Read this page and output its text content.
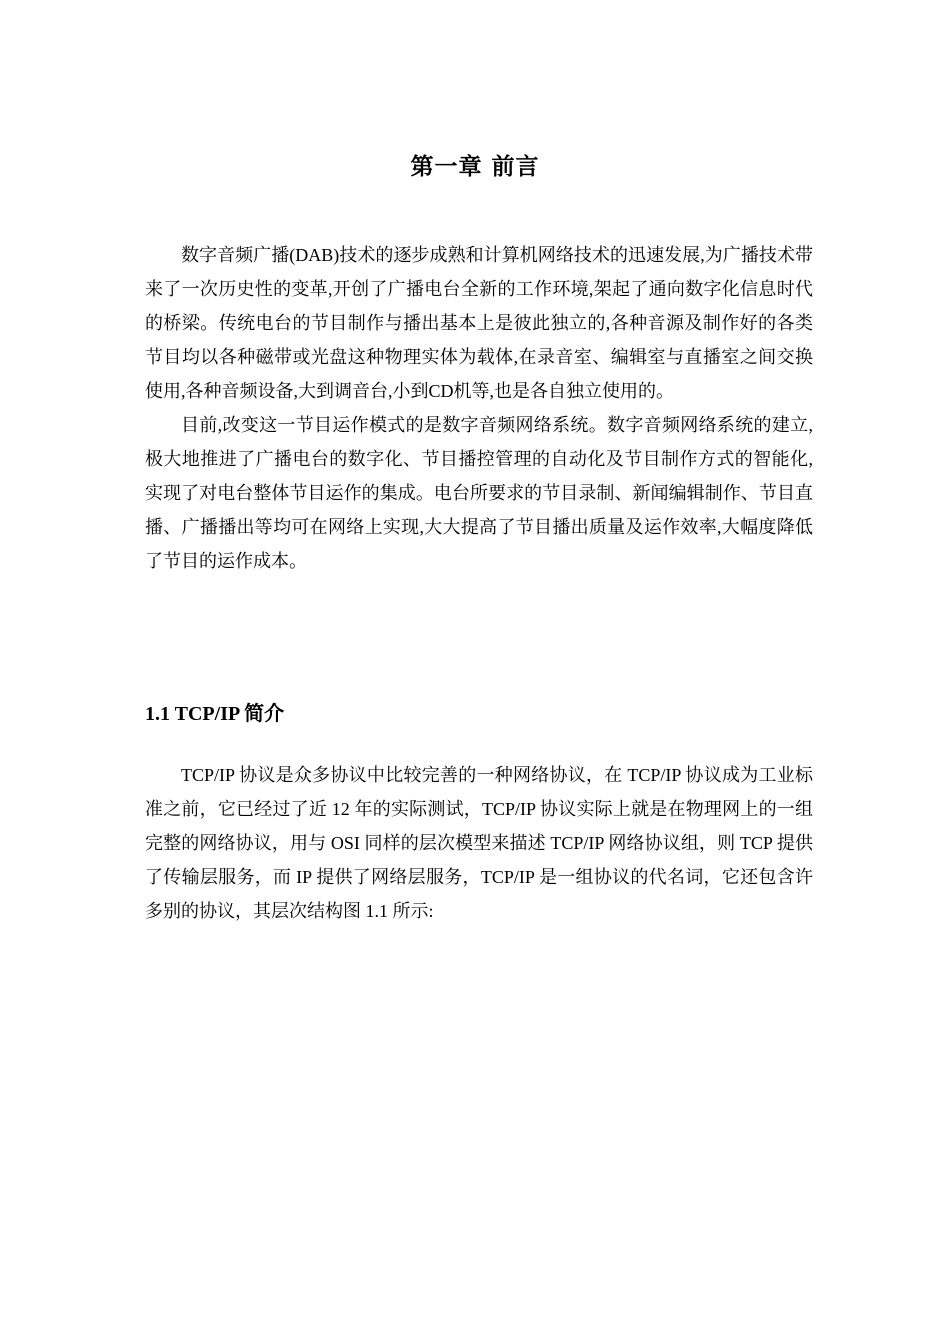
第一章 前言

数字音频广播(DAB)技术的逐步成熟和计算机网络技术的迅速发展,为广播技术带来了一次历史性的变革,开创了广播电台全新的工作环境,架起了通向数字化信息时代的桥梁。传统电台的节目制作与播出基本上是彼此独立的,各种音源及制作好的各类节目均以各种磁带或光盘这种物理实体为载体,在录音室、编辑室与直播室之间交换使用,各种音频设备,大到调音台,小到CD机等,也是各自独立使用的。

目前,改变这一节目运作模式的是数字音频网络系统。数字音频网络系统的建立,极大地推进了广播电台的数字化、节目播控管理的自动化及节目制作方式的智能化,实现了对电台整体节目运作的集成。电台所要求的节目录制、新闻编辑制作、节目直播、广播播出等均可在网络上实现,大大提高了节目播出质量及运作效率,大幅度降低了节目的运作成本。

1.1 TCP/IP 简介

TCP/IP 协议是众多协议中比较完善的一种网络协议，在 TCP/IP 协议成为工业标准之前，它已经过了近 12 年的实际测试，TCP/IP 协议实际上就是在物理网上的一组完整的网络协议，用与 OSI 同样的层次模型来描述 TCP/IP 网络协议组，则 TCP 提供了传输层服务，而 IP 提供了网络层服务，TCP/IP 是一组协议的代名词，它还包含许多别的协议，其层次结构图 1.1 所示:
